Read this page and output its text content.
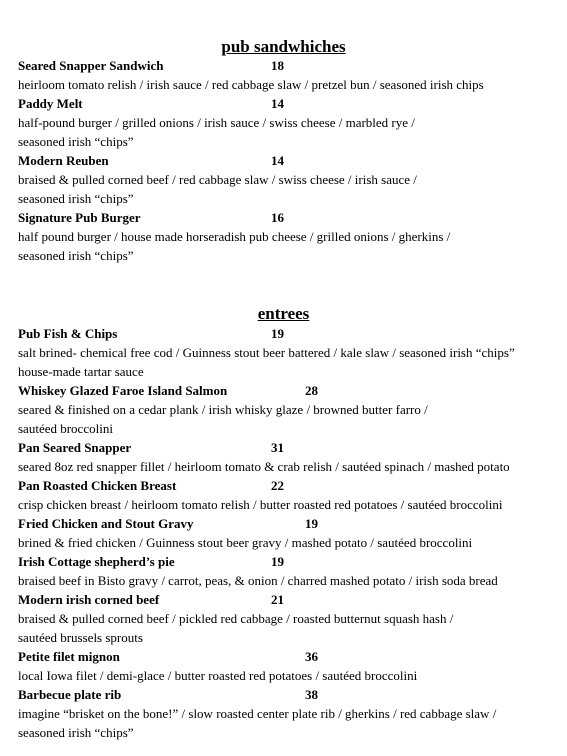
pub sandwhiches
Seared Snapper Sandwich	18
heirloom tomato relish / irish sauce / red cabbage slaw / pretzel bun / seasoned irish chips
Paddy Melt	14
half-pound burger / grilled onions / irish sauce / swiss cheese / marbled rye /
seasoned irish “chips”
Modern Reuben	14
braised & pulled corned beef / red cabbage slaw / swiss cheese / irish sauce /
seasoned irish “chips”
Signature Pub Burger	16
half pound burger / house made horseradish pub cheese / grilled onions / gherkins /
seasoned irish “chips”
entrees
Pub Fish & Chips	19
salt brined- chemical free cod / Guinness stout beer battered / kale slaw / seasoned irish “chips”
house-made tartar sauce
Whiskey Glazed Faroe Island Salmon	28
seared & finished on a cedar plank / irish whisky glaze / browned butter farro /
sautéed broccolini
Pan Seared Snapper	31
seared 8oz red snapper fillet / heirloom tomato & crab relish / sautéed spinach / mashed potato
Pan Roasted Chicken Breast	22
crisp chicken breast / heirloom tomato relish / butter roasted red potatoes / sautéed broccolini
Fried Chicken and Stout Gravy	19
brined & fried chicken / Guinness stout beer gravy / mashed potato / sautéed broccolini
Irish Cottage shepherd’s pie	19
braised beef in Bisto gravy / carrot, peas, & onion / charred mashed potato / irish soda bread
Modern irish corned beef	21
braised & pulled corned beef / pickled red cabbage / roasted butternut squash hash /
sautéed brussels sprouts
Petite filet mignon	36
local Iowa filet / demi-glace / butter roasted red potatoes / sautéed broccolini
Barbecue plate rib	38
imagine “brisket on the bone!” / slow roasted center plate rib / gherkins / red cabbage slaw /
seasoned irish “chips”
